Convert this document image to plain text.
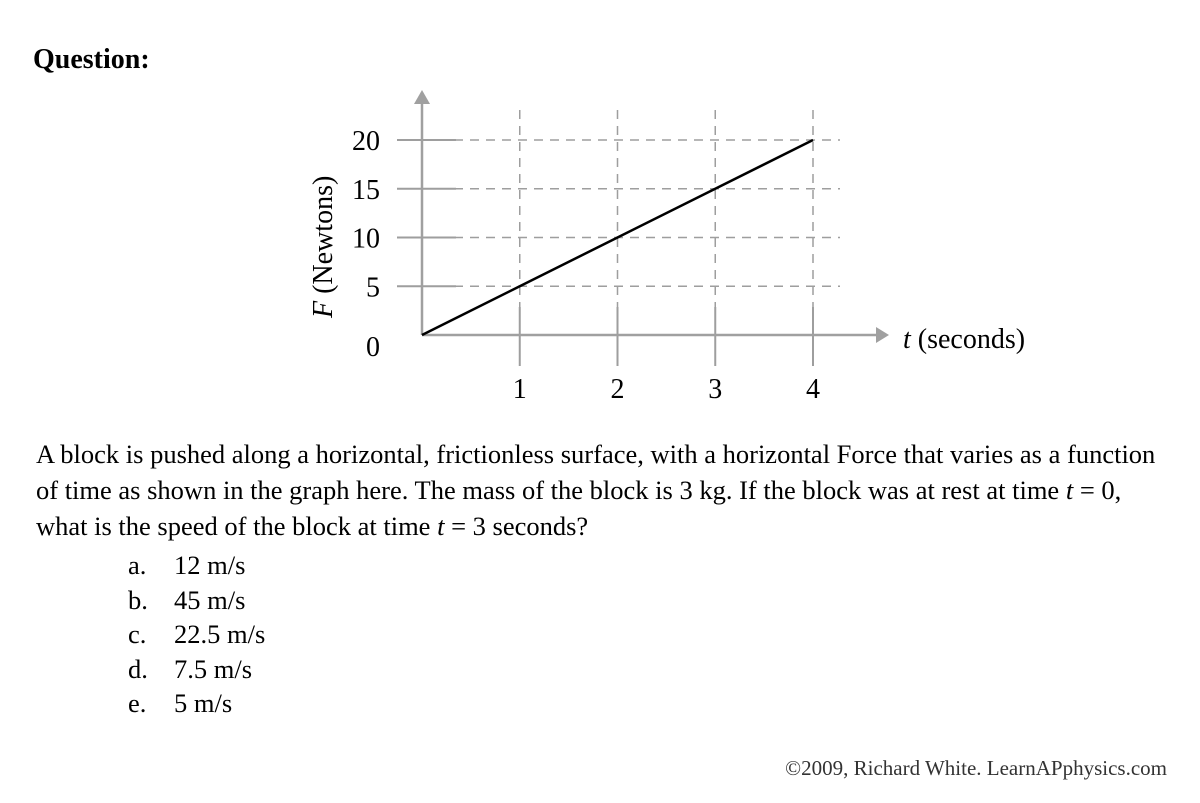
Question:
0
5
10
15
20
1	2	3	4
t (seconds)
F (Newtons)

A block is pushed along a horizontal, frictionless surface, with a horizontal Force that varies as a function of time as shown in the graph here. The mass of the block is 3 kg. If the block was at rest at time t = 0, what is the speed of the block at time t = 3 seconds?

a. 12 m/s
b. 45 m/s
c. 22.5 m/s
d. 7.5 m/s
e. 5 m/s
©2009, Richard White. LearnAPphysics.com
